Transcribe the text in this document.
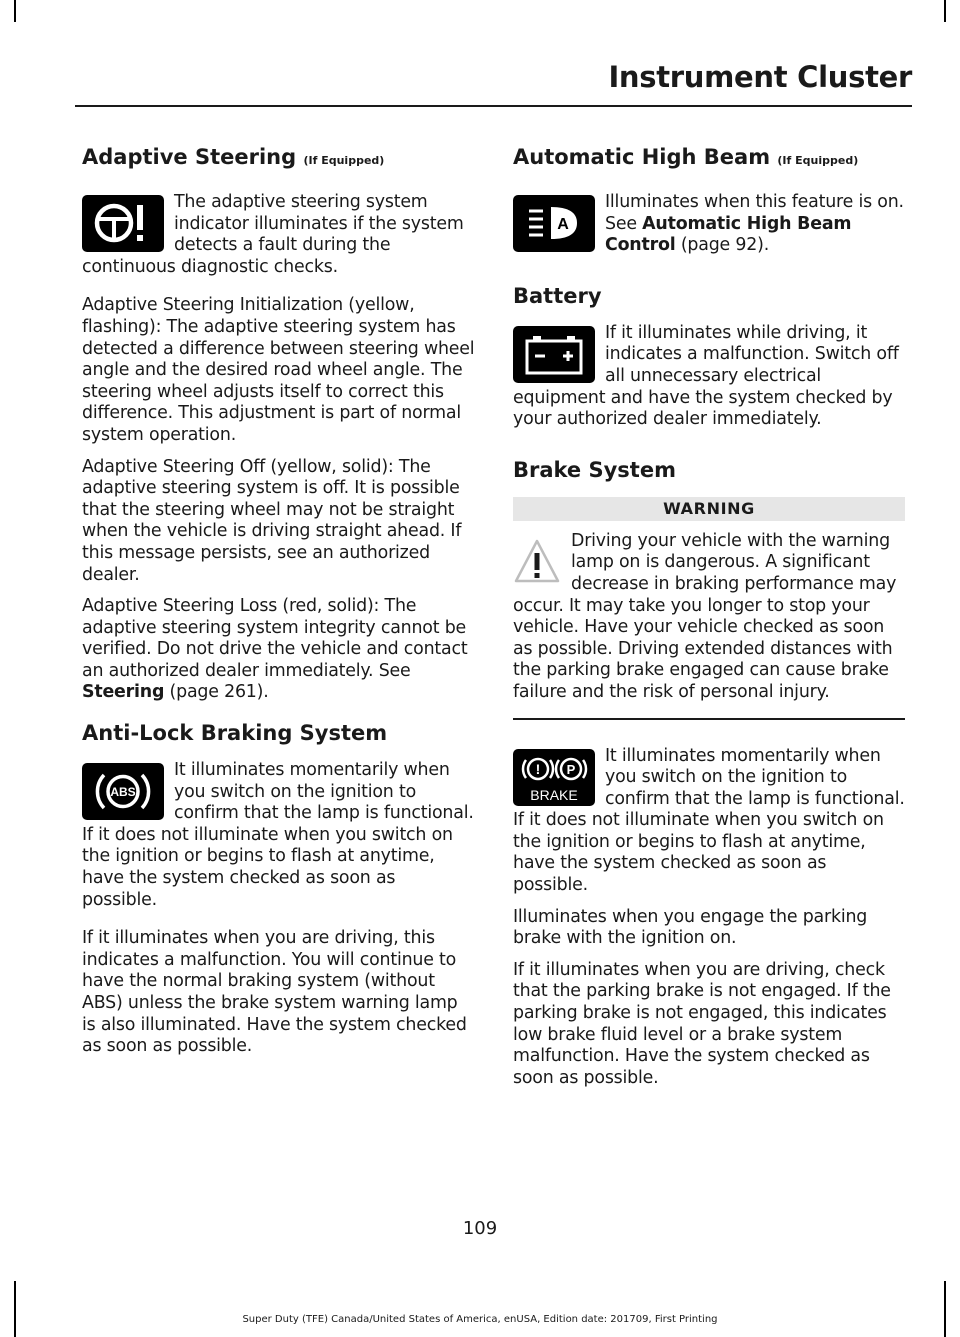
Instrument Cluster
Adaptive Steering (If Equipped)

The adaptive steering system indicator illuminates if the system detects a fault during the continuous diagnostic checks.

Adaptive Steering Initialization (yellow, flashing): The adaptive steering system has detected a difference between steering wheel angle and the desired road wheel angle. The steering wheel adjusts itself to correct this difference. This adjustment is part of normal system operation.

Adaptive Steering Off (yellow, solid): The adaptive steering system is off. It is possible that the steering wheel may not be straight when the vehicle is driving straight ahead. If this message persists, see an authorized dealer.

Adaptive Steering Loss (red, solid): The adaptive steering system integrity cannot be verified. Do not drive the vehicle and contact an authorized dealer immediately. See Steering (page 261).

Anti-Lock Braking System
ABS

It illuminates momentarily when you switch on the ignition to confirm that the lamp is functional. If it does not illuminate when you switch on the ignition or begins to flash at anytime, have the system checked as soon as possible.

If it illuminates when you are driving, this indicates a malfunction. You will continue to have the normal braking system (without ABS) unless the brake system warning lamp is also illuminated. Have the system checked as soon as possible.

Automatic High Beam (If Equipped)
A

Illuminates when this feature is on. See Automatic High Beam Control (page 92).

Battery

If it illuminates while driving, it indicates a malfunction. Switch off all unnecessary electrical equipment and have the system checked by your authorized dealer immediately.

Brake System
WARNING

Driving your vehicle with the warning lamp on is dangerous. A significant decrease in braking performance may occur. It may take you longer to stop your vehicle. Have your vehicle checked as soon as possible. Driving extended distances with the parking brake engaged can cause brake failure and the risk of personal injury.

! P
BRAKE

It illuminates momentarily when you switch on the ignition to confirm that the lamp is functional. If it does not illuminate when you switch on the ignition or begins to flash at anytime, have the system checked as soon as possible.

Illuminates when you engage the parking brake with the ignition on.

If it illuminates when you are driving, check that the parking brake is not engaged. If the parking brake is not engaged, this indicates low brake fluid level or a brake system malfunction. Have the system checked as soon as possible.

109
Super Duty (TFE) Canada/United States of America, enUSA, Edition date: 201709, First Printing
